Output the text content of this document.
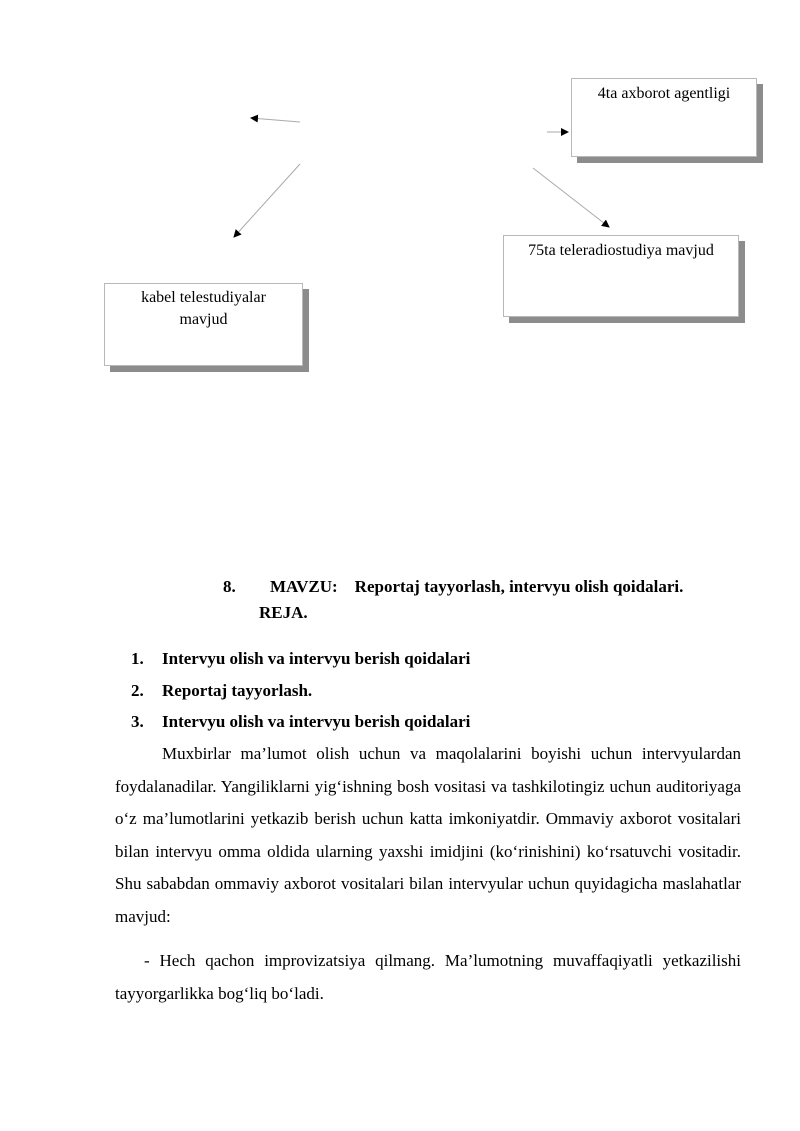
4ta axborot agentligi
75ta teleradiostudiya mavjud
kabel telestudiyalar mavjud
8. MAVZU:    Reportaj tayyorlash, intervyu olish qoidalari.
REJA.
1. Intervyu olish va intervyu berish qoidalari
2. Reportaj tayyorlash.
3. Intervyu olish va intervyu berish qoidalari

Muxbirlar ma’lumot olish uchun va maqolalarini boyishi uchun intervyulardan foydalanadilar. Yangiliklarni yig‘ishning bosh vositasi va tashkilotingiz uchun auditoriyaga o‘z ma’lumotlarini yetkazib berish uchun katta imkoniyatdir. Ommaviy axborot vositalari bilan intervyu omma oldida ularning yaxshi imidjini (ko‘rinishini) ko‘rsatuvchi vositadir. Shu sababdan ommaviy axborot vositalari bilan intervyular uchun quyidagicha maslahatlar mavjud:

- Hech qachon improvizatsiya qilmang. Ma’lumotning muvaffaqiyatli yetkazilishi tayyorgarlikka bog‘liq bo‘ladi.
